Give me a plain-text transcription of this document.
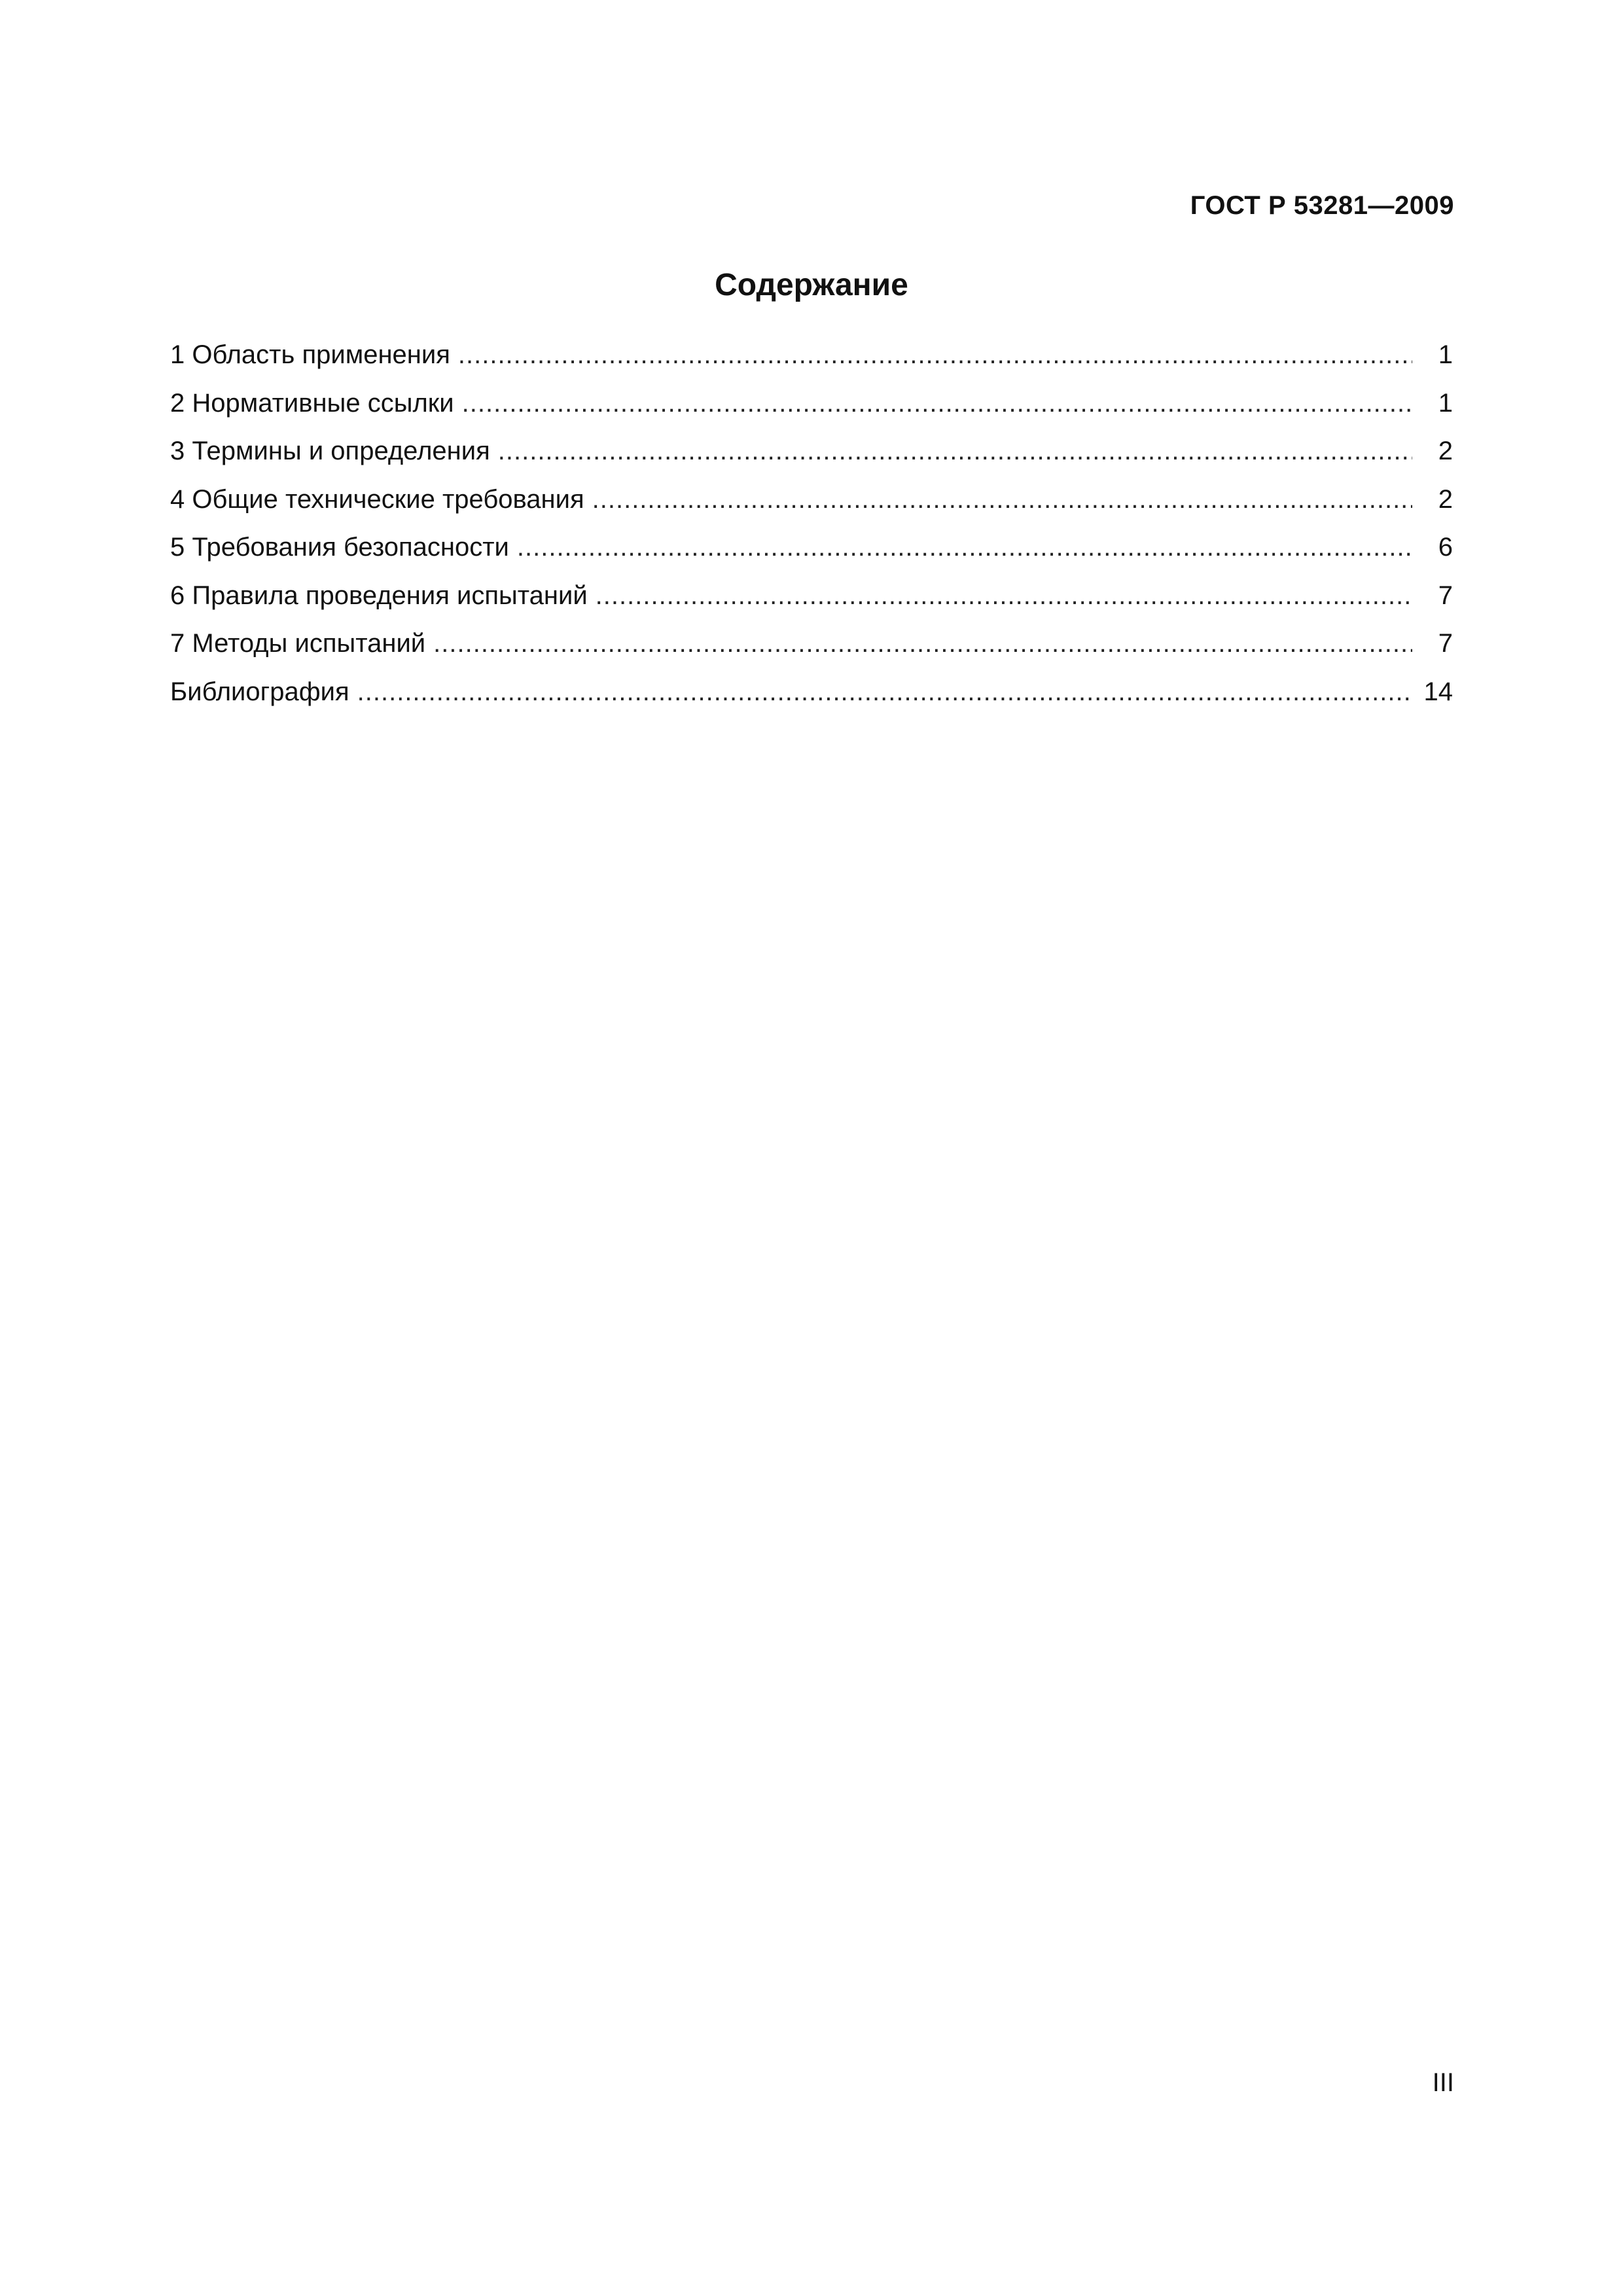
ГОСТ Р 53281—2009
Содержание
1 Область применения .....	1
2 Нормативные ссылки .....	1
3 Термины и определения .....	2
4 Общие технические требования .....	2
5 Требования безопасности .....	6
6 Правила проведения испытаний .....	7
7 Методы испытаний .....	7
Библиография .....	14
III
